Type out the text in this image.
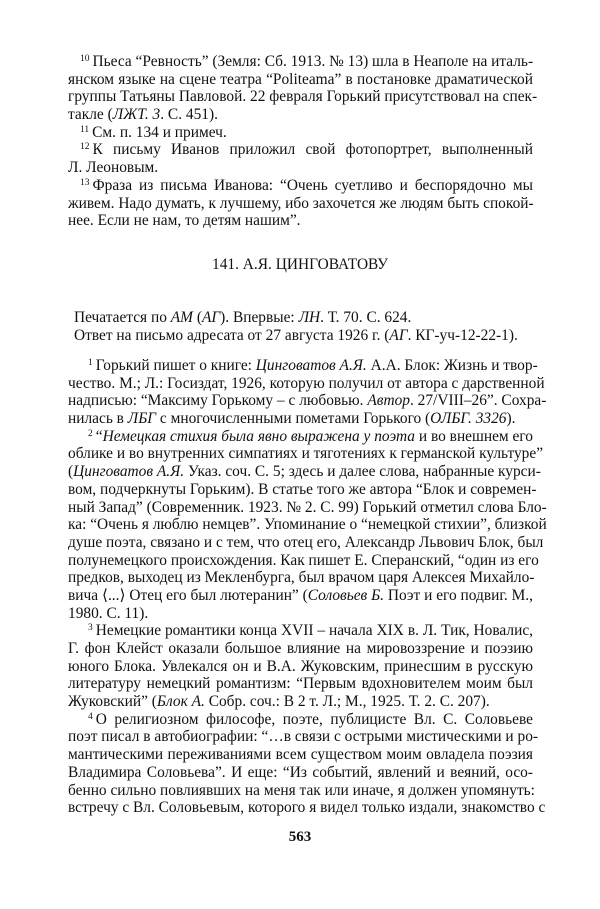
$^{10}$ Пьеса “Ревность” (Земля: Сб. 1913. № 13) шла в Неаполе на италь-
янском языке на сцене театра “Politeama” в постановке драматической
группы Татьяны Павловой. 22 февраля Горький присутствовал на спек-
такле (ЛЖТ. 3. С. 451).
$^{11}$ См. п. 134 и примеч.
$^{12}$ К письму Иванов приложил свой фотопортрет, выполненный
Л. Леоновым.
$^{13}$ Фраза из письма Иванова: “Очень суетливо и беспорядочно мы
живем. Надо думать, к лучшему, ибо захочется же людям быть спокой-
нее. Если не нам, то детям нашим”.
141. А.Я. ЦИНГОВАТОВУ
Печатается по АМ (АГ). Впервые: ЛН. Т. 70. С. 624.
Ответ на письмо адресата от 27 августа 1926 г. (АГ. КГ-уч-12-22-1).
$^1$ Горький пишет о книге: Цинговатов А.Я. А.А. Блок: Жизнь и твор-
чество. М.; Л.: Госиздат, 1926, которую получил от автора с дарственной
надписью: “Максиму Горькому – с любовью. Автор. 27/VIII–26”. Сохра-
нилась в ЛБГ с многочисленными пометами Горького (ОЛБГ. 3326).
$^2$ “Немецкая стихия была явно выражена у поэта и во внешнем его
облике и во внутренних симпатиях и тяготениях к германской культуре”
(Цинговатов А.Я. Указ. соч. С. 5; здесь и далее слова, набранные курси-
вом, подчеркнуты Горьким). В статье того же автора “Блок и современ-
ный Запад” (Современник. 1923. № 2. С. 99) Горький отметил слова Бло-
ка: “Очень я люблю немцев”. Упоминание о “немецкой стихии”, близкой
душе поэта, связано и с тем, что отец его, Александр Львович Блок, был
полунемецкого происхождения. Как пишет Е. Сперанский, “один из его
предков, выходец из Мекленбурга, был врачом царя Алексея Михайло-
вича ⟨...⟩ Отец его был лютеранин” (Соловьев Б. Поэт и его подвиг. М.,
1980. С. 11).
$^3$ Немецкие романтики конца XVII – начала XIX в. Л. Тик, Новалис,
Г. фон Клейст оказали большое влияние на мировоззрение и поэзию
юного Блока. Увлекался он и В.А. Жуковским, принесшим в русскую
литературу немецкий романтизм: “Первым вдохновителем моим был
Жуковский” (Блок А. Собр. соч.: В 2 т. Л.; М., 1925. Т. 2. С. 207).
$^4$ О религиозном философе, поэте, публицисте Вл. С. Соловьеве
поэт писал в автобиографии: “…в связи с острыми мистическими и ро-
мантическими переживаниями всем существом моим овладела поэзия
Владимира Соловьева”. И еще: “Из событий, явлений и веяний, осо-
бенно сильно повлиявших на меня так или иначе, я должен упомянуть:
встречу с Вл. Соловьевым, которого я видел только издали, знакомство с
563
